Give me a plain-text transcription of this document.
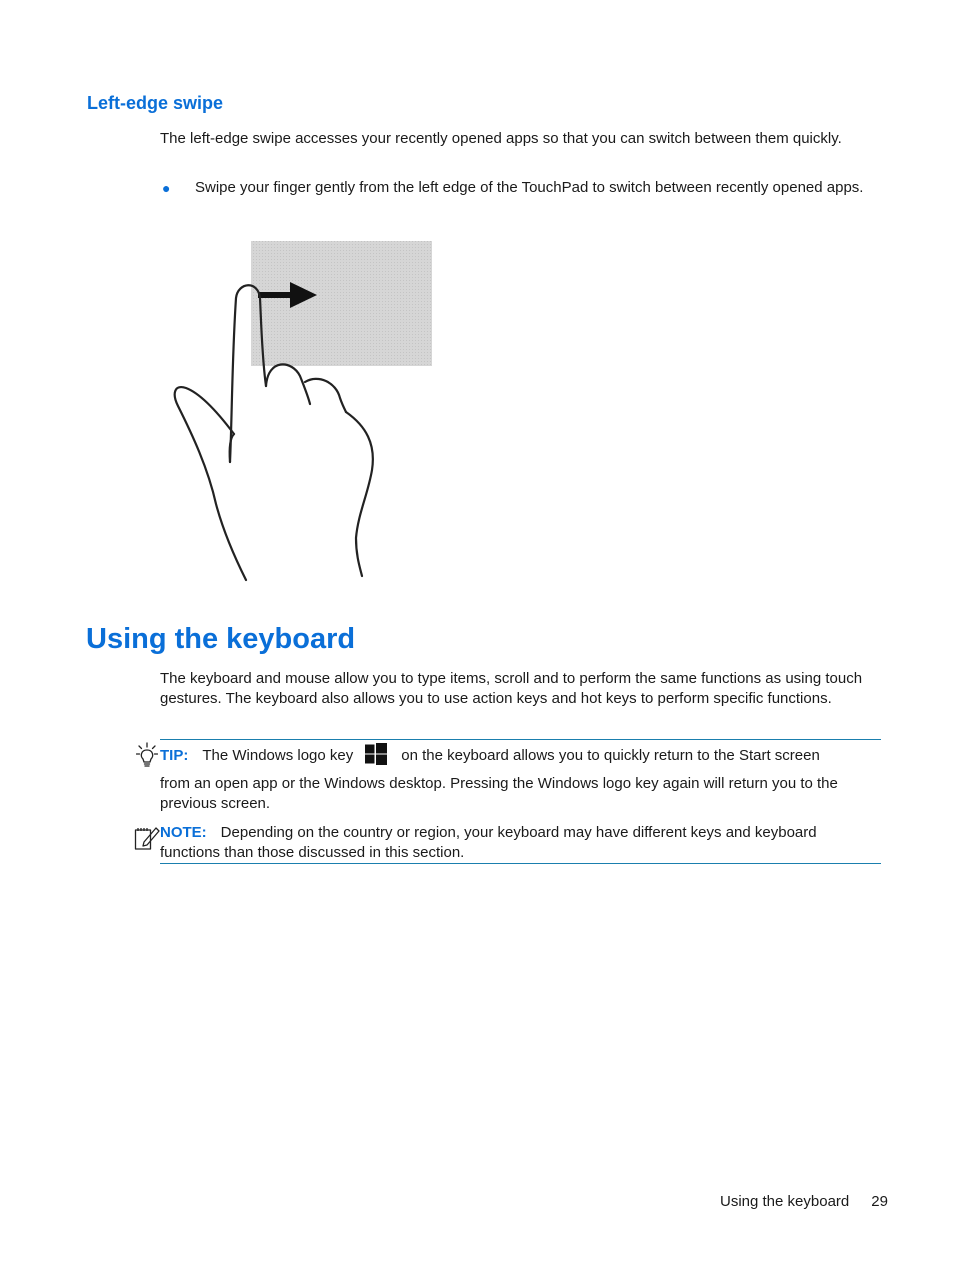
Left-edge swipe

The left-edge swipe accesses your recently opened apps so that you can switch between them quickly.

● Swipe your finger gently from the left edge of the TouchPad to switch between recently opened apps.

Using the keyboard

The keyboard and mouse allow you to type items, scroll and to perform the same functions as using touch gestures. The keyboard also allows you to use action keys and hot keys to perform specific functions.

TIP: The Windows logo key	on the keyboard allows you to quickly return to the Start screen

from an open app or the Windows desktop. Pressing the Windows logo key again will return you to the previous screen.

NOTE: Depending on the country or region, your keyboard may have different keys and keyboard functions than those discussed in this section.

Using the keyboard 29
